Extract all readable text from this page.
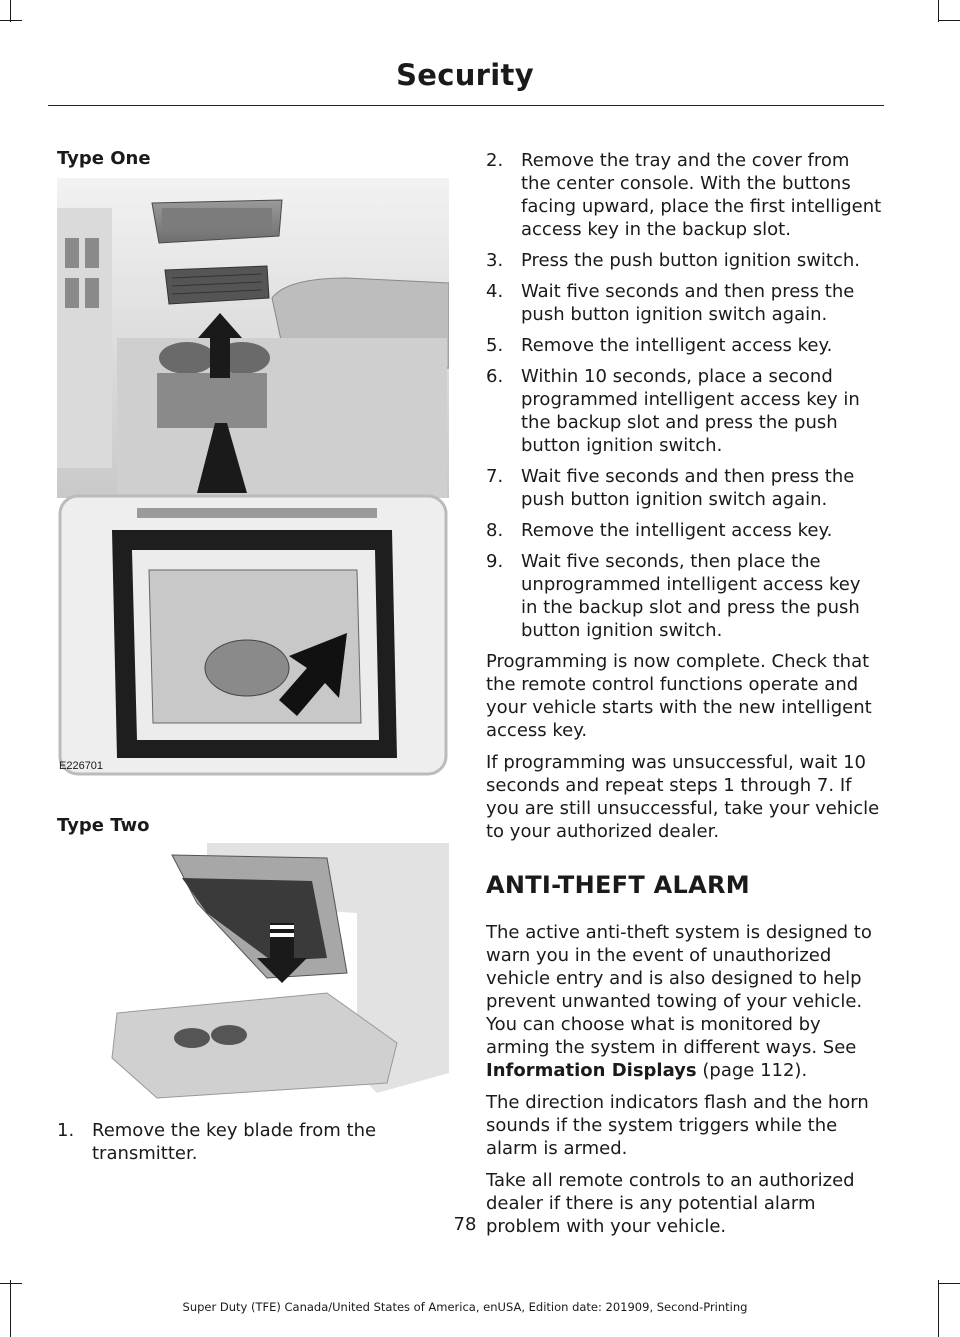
Security
Type One
E226701
Type Two
1. Remove the key blade from the transmitter.
2. Remove the tray and the cover from the center console. With the buttons facing upward, place the first intelligent access key in the backup slot.
3. Press the push button ignition switch.
4. Wait five seconds and then press the push button ignition switch again.
5. Remove the intelligent access key.
6. Within 10 seconds, place a second programmed intelligent access key in the backup slot and press the push button ignition switch.
7. Wait five seconds and then press the push button ignition switch again.
8. Remove the intelligent access key.
9. Wait five seconds, then place the unprogrammed intelligent access key in the backup slot and press the push button ignition switch.

Programming is now complete. Check that the remote control functions operate and your vehicle starts with the new intelligent access key.

If programming was unsuccessful, wait 10 seconds and repeat steps 1 through 7. If you are still unsuccessful, take your vehicle to your authorized dealer.

ANTI-THEFT ALARM

The active anti-theft system is designed to warn you in the event of unauthorized vehicle entry and is also designed to help prevent unwanted towing of your vehicle. You can choose what is monitored by arming the system in different ways. See Information Displays (page 112).

The direction indicators flash and the horn sounds if the system triggers while the alarm is armed.

Take all remote controls to an authorized dealer if there is any potential alarm problem with your vehicle.

78
Super Duty (TFE) Canada/United States of America, enUSA, Edition date: 201909, Second-Printing
